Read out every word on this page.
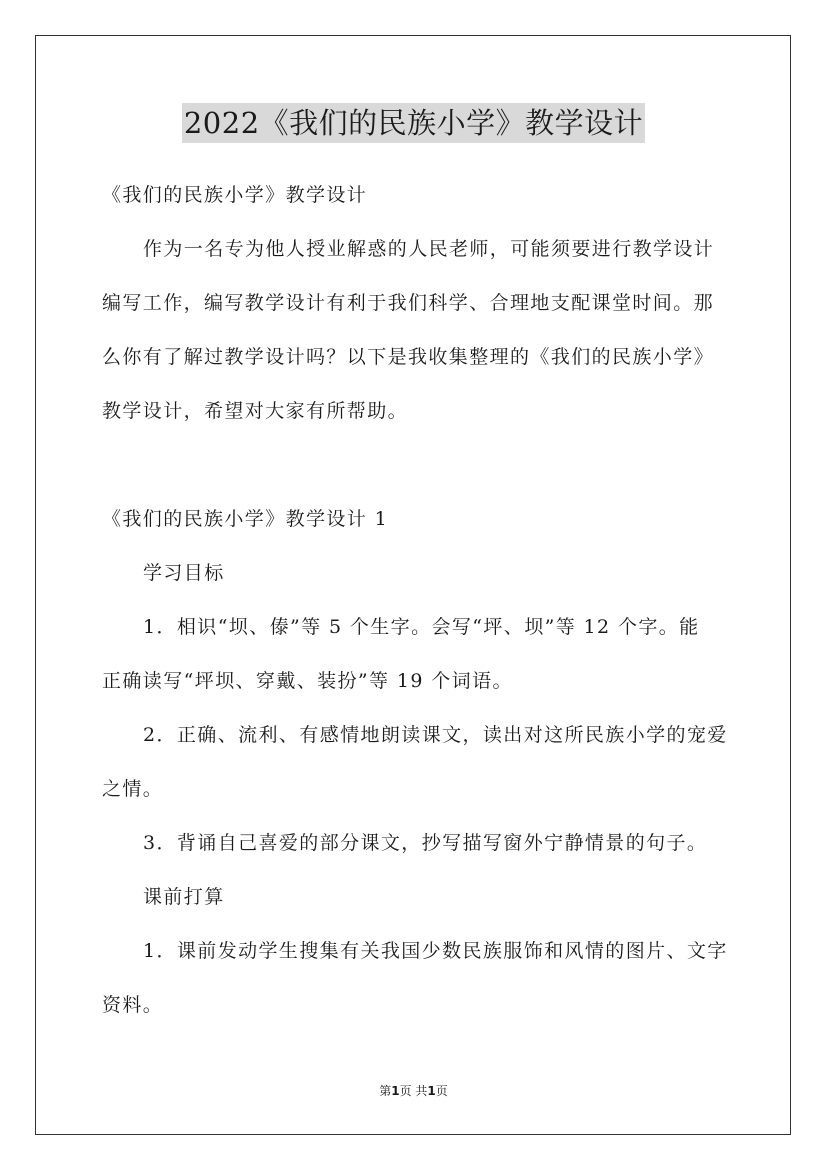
2022《我们的民族小学》教学设计
《我们的民族小学》教学设计
作为一名专为他人授业解惑的人民老师，可能须要进行教学设计
编写工作，编写教学设计有利于我们科学、合理地支配课堂时间。那
么你有了解过教学设计吗？以下是我收集整理的《我们的民族小学》
教学设计，希望对大家有所帮助。
《我们的民族小学》教学设计 1
学习目标
1．相识“坝、傣”等 5 个生字。会写“坪、坝”等 12 个字。能
正确读写“坪坝、穿戴、装扮”等 19 个词语。
2．正确、流利、有感情地朗读课文，读出对这所民族小学的宠爱
之情。
3．背诵自己喜爱的部分课文，抄写描写窗外宁静情景的句子。
课前打算
1．课前发动学生搜集有关我国少数民族服饰和风情的图片、文字
资料。
第1页 共1页
